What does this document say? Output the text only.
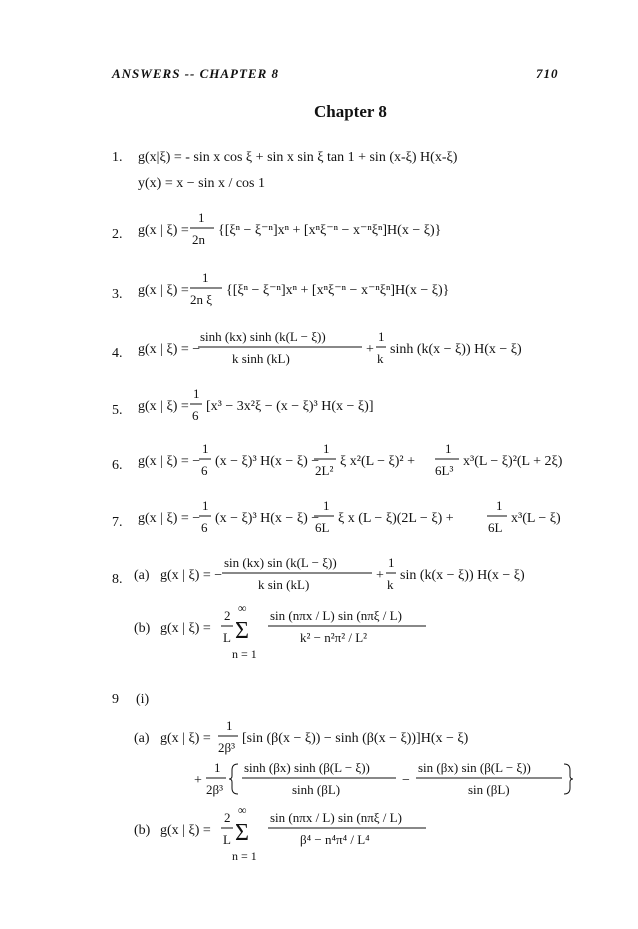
ANSWERS -- CHAPTER 8	710
Chapter 8
1. g(x|ξ) = - sin x cos ξ + sin x sin ξ tan 1 + sin (x-ξ) H(x-ξ)
y(x) = x − sin x / cos 1
2. g(x | ξ) =
1
2n
{[ξⁿ − ξ⁻ⁿ]xⁿ + [xⁿξ⁻ⁿ − x⁻ⁿξⁿ]H(x − ξ)}
3. g(x | ξ) =
1
2n ξ
{[ξⁿ − ξ⁻ⁿ]xⁿ + [xⁿξ⁻ⁿ − x⁻ⁿξⁿ]H(x − ξ)}
4. g(x | ξ) = −
sinh (kx) sinh (k(L − ξ))
k sinh (kL)
+
1
k
sinh (k(x − ξ)) H(x − ξ)
5. g(x | ξ) =
1
6
[x³ − 3x²ξ − (x − ξ)³ H(x − ξ)]
6. g(x | ξ) = −
1
6
(x − ξ)³ H(x − ξ) −
1
2L²
ξ x²(L − ξ)² +
1
6L³
x³(L − ξ)²(L + 2ξ)
7. g(x | ξ) = −
1
6
(x − ξ)³ H(x − ξ) −
1
6L
ξ x (L − ξ)(2L − ξ) +
1
6L
x³(L − ξ)
8. (a) g(x | ξ) = −
sin (kx) sin (k(L − ξ))
k sin (kL)
+
1
k
sin (k(x − ξ)) H(x − ξ)
(b) g(x | ξ) =
2
L
∞
Σ
n = 1
sin (nπx / L) sin (nπξ / L)
k² − n²π² / L²
9 (i)
(a) g(x | ξ) =
1
2β³
[sin (β(x − ξ)) − sinh (β(x − ξ))]H(x − ξ)
+
1
2β³
sinh (βx) sinh (β(L − ξ))
sinh (βL)
−
sin (βx) sin (β(L − ξ))
sin (βL)
(b) g(x | ξ) =
2
L
∞
Σ
n = 1
sin (nπx / L) sin (nπξ / L)
β⁴ − n⁴π⁴ / L⁴
